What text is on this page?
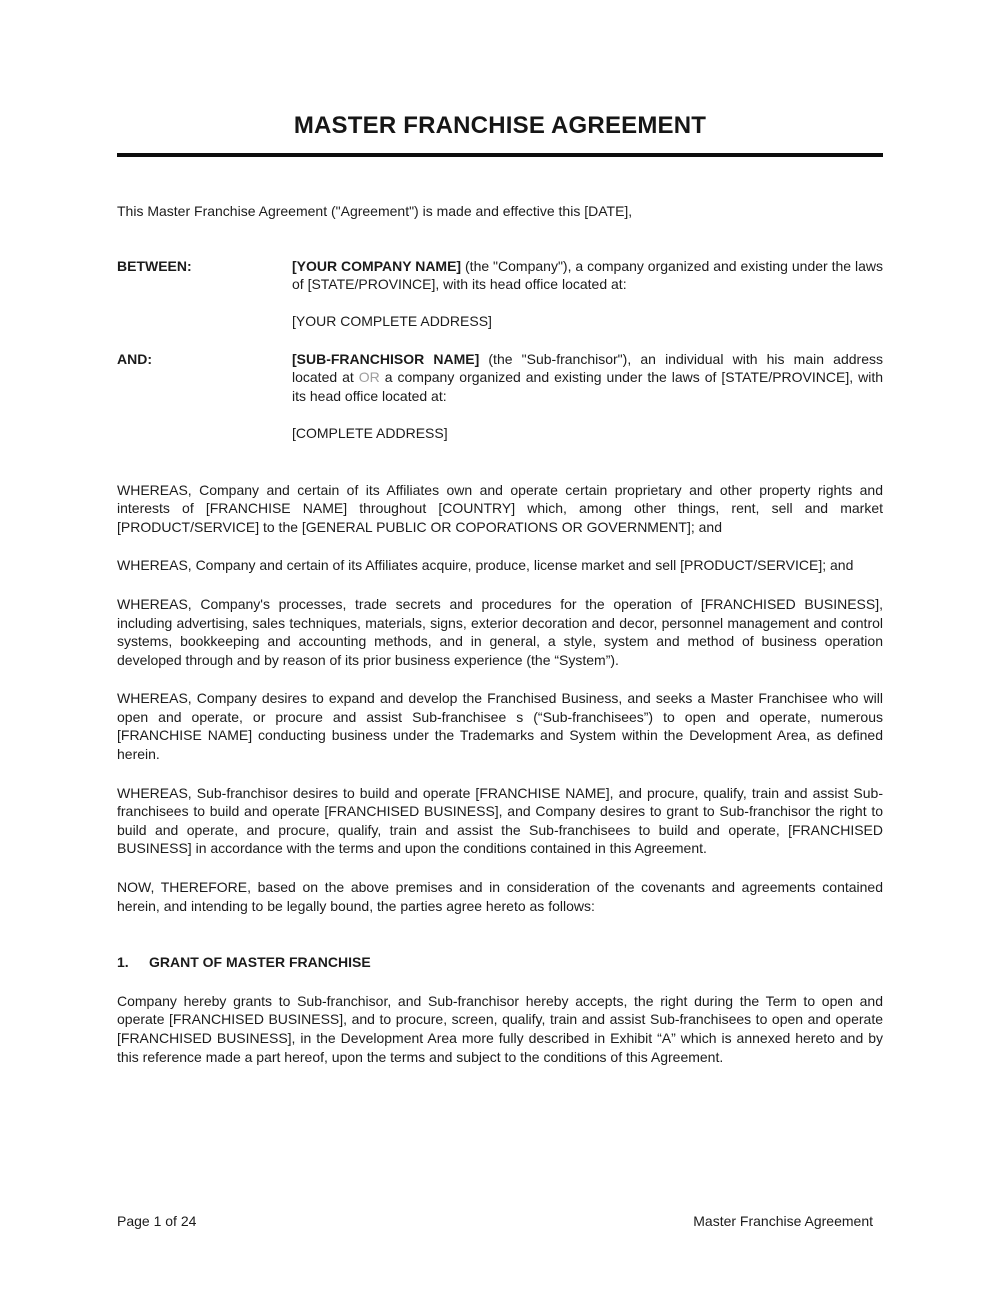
MASTER FRANCHISE AGREEMENT

This Master Franchise Agreement ("Agreement") is made and effective this [DATE],

BETWEEN:	[YOUR COMPANY NAME] (the "Company"), a company organized and existing under the laws of [STATE/PROVINCE], with its head office located at:
[YOUR COMPLETE ADDRESS]
AND:	[SUB-FRANCHISOR NAME] (the "Sub-franchisor"), an individual with his main address located at OR a company organized and existing under the laws of [STATE/PROVINCE], with its head office located at:
[COMPLETE ADDRESS]

WHEREAS, Company and certain of its Affiliates own and operate certain proprietary and other property rights and interests of [FRANCHISE NAME] throughout [COUNTRY] which, among other things, rent, sell and market [PRODUCT/SERVICE] to the [GENERAL PUBLIC OR COPORATIONS OR GOVERNMENT]; and

WHEREAS, Company and certain of its Affiliates acquire, produce, license market and sell [PRODUCT/SERVICE]; and

WHEREAS, Company's processes, trade secrets and procedures for the operation of [FRANCHISED BUSINESS], including advertising, sales techniques, materials, signs, exterior decoration and decor, personnel management and control systems, bookkeeping and accounting methods, and in general, a style, system and method of business operation developed through and by reason of its prior business experience (the “System”).

WHEREAS, Company desires to expand and develop the Franchised Business, and seeks a Master Franchisee who will open and operate, or procure and assist Sub-franchisee s (“Sub-franchisees”) to open and operate, numerous [FRANCHISE NAME] conducting business under the Trademarks and System within the Development Area, as defined herein.

WHEREAS, Sub-franchisor desires to build and operate [FRANCHISE NAME], and procure, qualify, train and assist Sub-franchisees to build and operate [FRANCHISED BUSINESS], and Company desires to grant to Sub-franchisor the right to build and operate, and procure, qualify, train and assist the Sub-franchisees to build and operate, [FRANCHISED BUSINESS] in accordance with the terms and upon the conditions contained in this Agreement.

NOW, THEREFORE, based on the above premises and in consideration of the covenants and agreements contained herein, and intending to be legally bound, the parties agree hereto as follows:

1. GRANT OF MASTER FRANCHISE

Company hereby grants to Sub-franchisor, and Sub-franchisor hereby accepts, the right during the Term to open and operate [FRANCHISED BUSINESS], and to procure, screen, qualify, train and assist Sub-franchisees to open and operate [FRANCHISED BUSINESS], in the Development Area more fully described in Exhibit “A” which is annexed hereto and by this reference made a part hereof, upon the terms and subject to the conditions of this Agreement.

Page 1 of 24	Master Franchise Agreement
